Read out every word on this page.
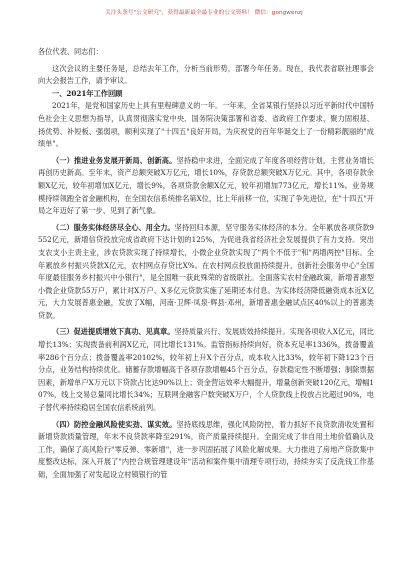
关注头条号"公文研究"，获得最新最全最专业的公文资料！ 微信：gongwenzj

各位代表、同志们：

这次会议的主要任务是，总结去年工作，分析当前形势，部署今年任务。现在，我代表省联社理事会向大会报告工作，请予审议。

一、2021年工作回顾

2021年，是党和国家历史上具有里程碑意义的一年。一年来，全省某银行坚持以习近平新时代中国特色社会主义思想为指导，认真贯彻落实党中央、国务院决策部署和省委、省政府工作要求，聚力固根基、扬优势、补短板、强弱项，顺利实现了"十四五"良好开局，为庆祝党的百年华诞交上了一份精彩靓丽的"成绩单"。

（一）推进业务发展开新局、创新高。坚持稳中求进，全面完成了年度各项经营计划，主营业务增长再创历史新高。至年末，资产总额突破X万亿元，增长10%，存贷款总额突破X万亿元。其中，各项存款余额X亿元，较年初增加X亿元，增长9%，各项贷款余额X亿元，较年初增加773亿元，增长11%。业务规模持续领跑全省金融机构，在全国农信系统排名第X位，比上年前移一位，实现了争先进位，在"十四五"开局之年迈好了第一步、见到了新气象。

（二）服务实体经济尽全心、用全力。坚持回归本源，坚守服务实体经济的本分。全年累放各项贷款9552亿元，新增信贷投放完成省政府下达计划的125%，为促进我省经济社会发展提供了有力支持。突出支农支小主责主业，涉农贷款实现了持续增长，小微企业贷款实现了"两个不低于"和"两增两控"目标。全年累放乡村振兴贷款X亿元，农村网点存贷比X%。在农村网点投放面持续提升，创新社会服务中心"全国年度最佳服务乡村振兴中小银行"，是全国唯一获此殊荣的省级联社。全面落实农村金融政策，新增普惠型小微企业贷款55万户，累计对X万户、X多亿元贷款实施了延期还本付息。为实体经济降低融资成本近X亿元，大力发展普惠金融，发放了X幅，河南·卫辉·凤泉·辉县·邓州，新增普惠金融试点区40%以上的普惠类贷款。

（三）促进提质增效下真功、见真章。坚持质量兴行、发展质效持续提升。实现各项收入X亿元，同比增长13%；实现拨备前利润X亿元，同比增长131%。监管指标持续向好，资本充足率1336%，拨备覆盖率286个百分点；拨备覆盖率20102%，较年初上升X个百分点，成本收入比33%，较年初下降123个百分点，业务结构持续优化。储蓄存款增幅高于各项存款增幅45个百分点，存款稳定性不断增强；制除票据因素，新增单户X万元以下贷款占比达90%以上；资金营运效率大幅提升，增量创新突破120亿元，增幅107%，线上交易总量同比增长34%；互联网金融客户数突破X万户，个人贷款线上投放占比超过90%，电子替代率持续稳居全国农信系统前列。

（四）防控金融风险使实劲、谋实效。坚持底线思维，强化风险防控，着力抓好不良贷款清收处置和新增贷款质量管理，年末不良贷款率降至291%，资产质量持续提升。全面完成了非自用土地价值确认及工作，确保了高风险行"零反弹、零新增"，进一步巩固拓展了风险化解成果。大力推进了房地产贷款集中度整改达标，深入开展了"内控合规管理建设年"活动和案件集中清理专项行动，持续夯实了反洗钱工作基础，全面加强了对发起设立村镇银行的管
